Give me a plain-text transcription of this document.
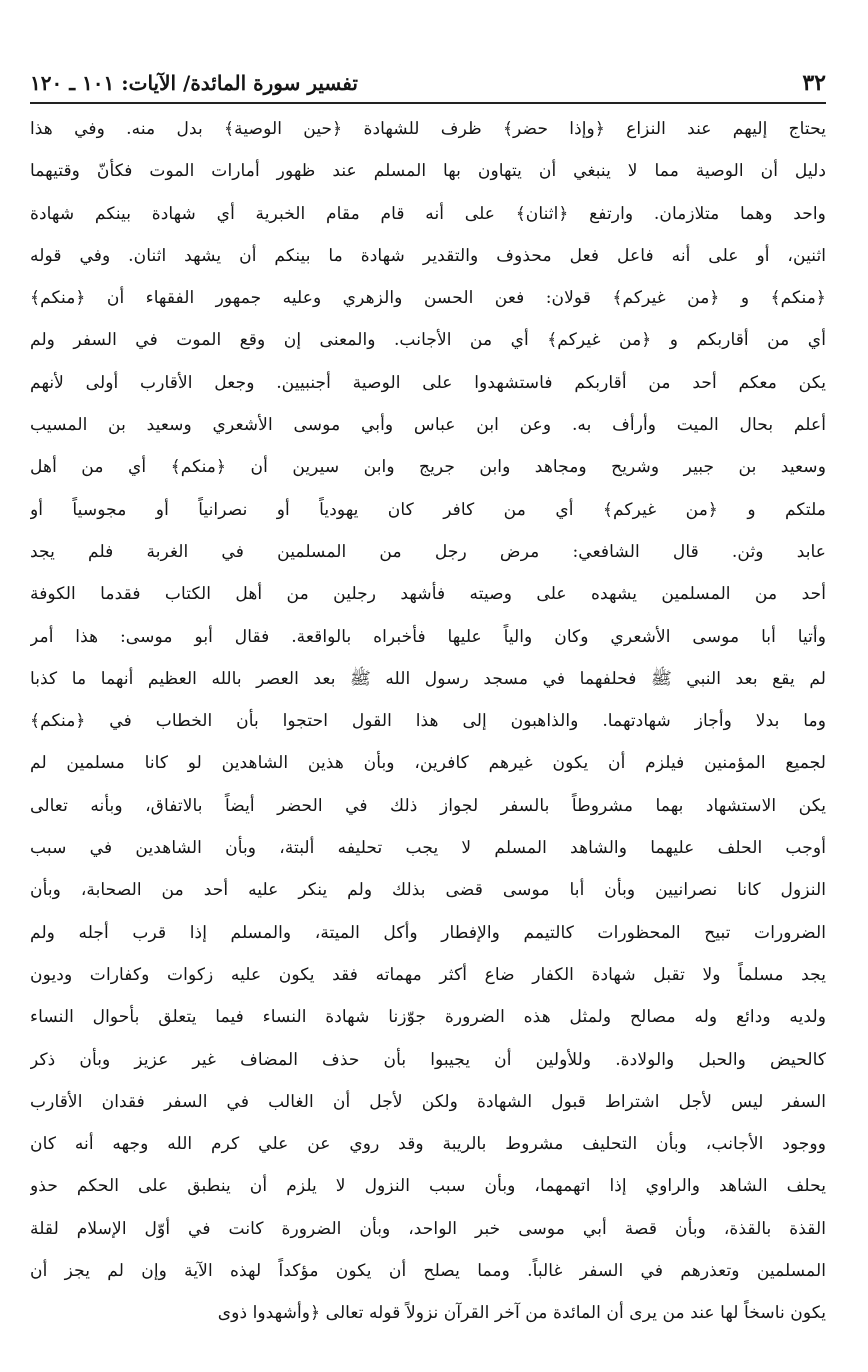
٣٢
تفسير سورة المائدة/ الآيات: ١٠١ ـ ١٢٠
يحتاج إليهم عند النزاع ﴿وإذا حضر﴾ ظرف للشهادة ﴿حين الوصية﴾ بدل منه. وفي هذا
دليل أن الوصية مما لا ينبغي أن يتهاون بها المسلم عند ظهور أمارات الموت فكأنّ وقتيهما
واحد وهما متلازمان. وارتفع ﴿اثنان﴾ على أنه قام مقام الخبرية أي شهادة بينكم شهادة
اثنين، أو على أنه فاعل فعل محذوف والتقدير شهادة ما بينكم أن يشهد اثنان. وفي قوله
﴿منكم﴾ و ﴿من غيركم﴾ قولان: فعن الحسن والزهري وعليه جمهور الفقهاء أن ﴿منكم﴾
أي من أقاربكم و ﴿من غيركم﴾ أي من الأجانب. والمعنى إن وقع الموت في السفر ولم
يكن معكم أحد من أقاربكم فاستشهدوا على الوصية أجنبيين. وجعل الأقارب أولى لأنهم
أعلم بحال الميت وأرأف به. وعن ابن عباس وأبي موسى الأشعري وسعيد بن المسيب
وسعيد بن جبير وشريح ومجاهد وابن جريج وابن سيرين أن ﴿منكم﴾ أي من أهل
ملتكم و ﴿من غيركم﴾ أي من كافر كان يهودياً أو نصرانياً أو مجوسياً أو
عابد وثن. قال الشافعي: مرض رجل من المسلمين في الغربة فلم يجد
أحد من المسلمين يشهده على وصيته فأشهد رجلين من أهل الكتاب فقدما الكوفة
وأتيا أبا موسى الأشعري وكان والياً عليها فأخبراه بالواقعة. فقال أبو موسى: هذا أمر
لم يقع بعد النبي ﷺ فحلفهما في مسجد رسول الله ﷺ بعد العصر بالله العظيم أنهما ما كذبا
وما بدلا وأجاز شهادتهما. والذاهبون إلى هذا القول احتجوا بأن الخطاب في ﴿منكم﴾
لجميع المؤمنين فيلزم أن يكون غيرهم كافرين، وبأن هذين الشاهدين لو كانا مسلمين لم
يكن الاستشهاد بهما مشروطاً بالسفر لجواز ذلك في الحضر أيضاً بالاتفاق، وبأنه تعالى
أوجب الحلف عليهما والشاهد المسلم لا يجب تحليفه ألبتة، وبأن الشاهدين في سبب
النزول كانا نصرانيين وبأن أبا موسى قضى بذلك ولم ينكر عليه أحد من الصحابة، وبأن
الضرورات تبيح المحظورات كالتيمم والإفطار وأكل الميتة، والمسلم إذا قرب أجله ولم
يجد مسلماً ولا تقبل شهادة الكفار ضاع أكثر مهماته فقد يكون عليه زكوات وكفارات وديون
ولديه ودائع وله مصالح ولمثل هذه الضرورة جوّزنا شهادة النساء فيما يتعلق بأحوال النساء
كالحيض والحبل والولادة. وللأولين أن يجيبوا بأن حذف المضاف غير عزيز وبأن ذكر
السفر ليس لأجل اشتراط قبول الشهادة ولكن لأجل أن الغالب في السفر فقدان الأقارب
ووجود الأجانب، وبأن التحليف مشروط بالريبة وقد روي عن علي كرم الله وجهه أنه كان
يحلف الشاهد والراوي إذا اتهمهما، وبأن سبب النزول لا يلزم أن ينطبق على الحكم حذو
القذة بالقذة، وبأن قصة أبي موسى خبر الواحد، وبأن الضرورة كانت في أوّل الإسلام لقلة
المسلمين وتعذرهم في السفر غالباً. ومما يصلح أن يكون مؤكداً لهذه الآية وإن لم يجز أن
يكون ناسخاً لها عند من يرى أن المائدة من آخر القرآن نزولاً قوله تعالى ﴿وأشهدوا ذوى
